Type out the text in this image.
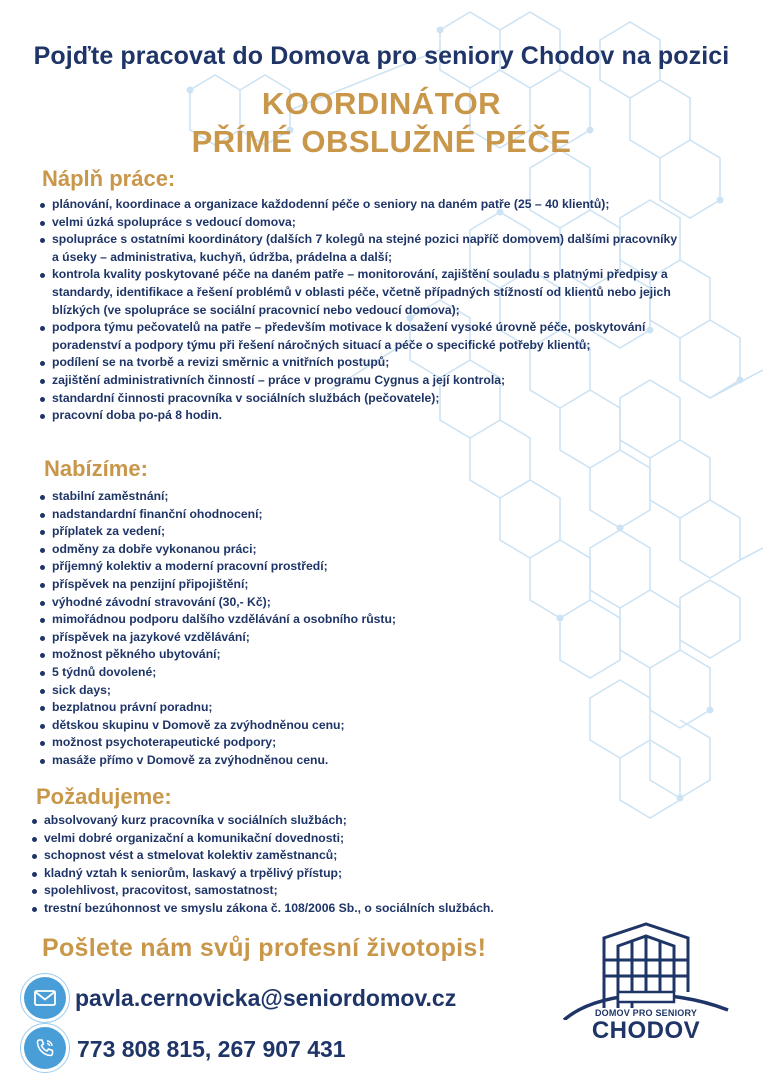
Pojďte pracovat do Domova pro seniory Chodov na pozici
KOORDINÁTOR
PŘÍMÉ OBSLUŽNÉ PÉČE
Náplň práce:
plánování, koordinace a organizace každodenní péče o seniory na daném patře (25 – 40 klientů);
velmi úzká spolupráce s vedoucí domova;
spolupráce s ostatními koordinátory (dalších 7 kolegů na stejné pozici napříč domovem) dalšími pracovníky a úseky – administrativa, kuchyň, údržba, prádelna a další;
kontrola kvality poskytované péče na daném patře – monitorování, zajištění souladu s platnými předpisy a standardy, identifikace a řešení problémů v oblasti péče, včetně případných stížností od klientů nebo jejich blízkých (ve spolupráce se sociální pracovnicí nebo vedoucí domova);
podpora týmu pečovatelů na patře – především motivace k dosažení vysoké úrovně péče, poskytování poradenství a podpory týmu při řešení náročných situací a péče o specifické potřeby klientů;
podílení se na tvorbě a revizi směrnic a vnitřních postupů;
zajištění administrativních činností – práce v programu Cygnus a její kontrola;
standardní činnosti pracovníka v sociálních službách (pečovatele);
pracovní doba po-pá 8 hodin.
Nabízíme:
stabilní zaměstnání;
nadstandardní finanční ohodnocení;
příplatek za vedení;
odměny za dobře vykonanou práci;
příjemný kolektiv a moderní pracovní prostředí;
příspěvek na penzijní připojištění;
výhodné závodní stravování (30,- Kč);
mimořádnou podporu dalšího vzdělávání a osobního růstu;
příspěvek na jazykové vzdělávání;
možnost pěkného ubytování;
5 týdnů dovolené;
sick days;
bezplatnou právní poradnu;
dětskou skupinu v Domově za zvýhodněnou cenu;
možnost psychoterapeutické podpory;
masáže přímo v Domově za zvýhodněnou cenu.
Požadujeme:
absolvovaný kurz pracovníka v sociálních službách;
velmi dobré organizační a komunikační dovednosti;
schopnost vést a stmelovat kolektiv zaměstnanců;
kladný vztah k seniorům, laskavý a trpělivý přístup;
spolehlivost, pracovitost, samostatnost;
trestní bezúhonnost ve smyslu zákona č. 108/2006 Sb., o sociálních službách.
Pošlete nám svůj profesní životopis!
pavla.cernovicka@seniordomov.cz
773 808 815, 267 907 431
DOMOV PRO SENIORY
CHODOV
